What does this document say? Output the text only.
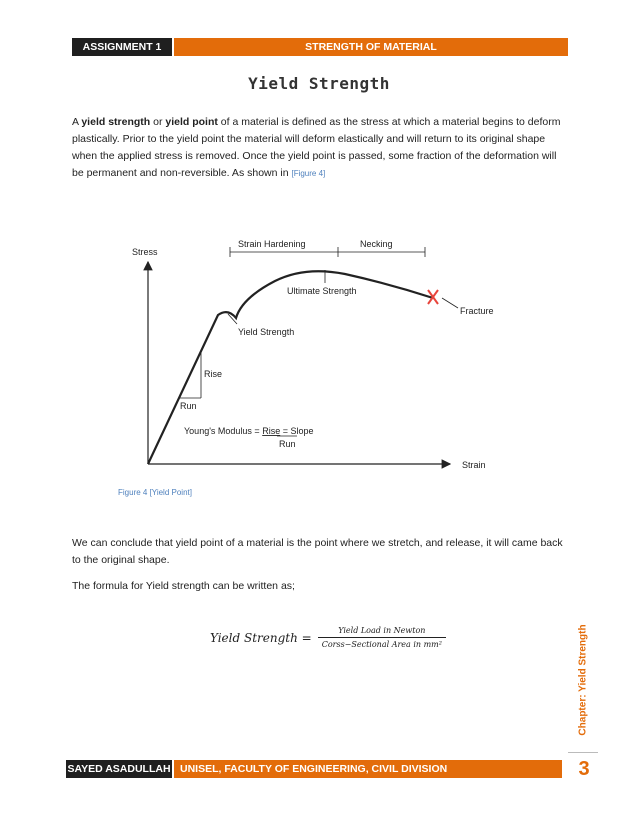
ASSIGNMENT 1	STRENGTH OF MATERIAL
Yield Strength

A yield strength or yield point of a material is defined as the stress at which a material begins to deform plastically. Prior to the yield point the material will deform elastically and will return to its original shape when the applied stress is removed. Once the yield point is passed, some fraction of the deformation will be permanent and non-reversible. As shown in [Figure 4]

Stress
Strain
Fracture
Ultimate Strength
Yield Strength
Strain Hardening	Necking
Rise
Run
Young's Modulus = Rise = Slope
Run
Figure 4 [Yield Point]

We can conclude that yield point of a material is the point where we stretch, and release, it will came back to the original shape.

The formula for Yield strength can be written as;

Yield Strength = $\frac{\text{Yield Load in Newton}}{\text{Corss−Sectional Area in mm²}}$	Chapter: Yield Strength
SAYED ASADULLAH UNISEL, FACULTY OF ENGINEERING, CIVIL DIVISION	3
